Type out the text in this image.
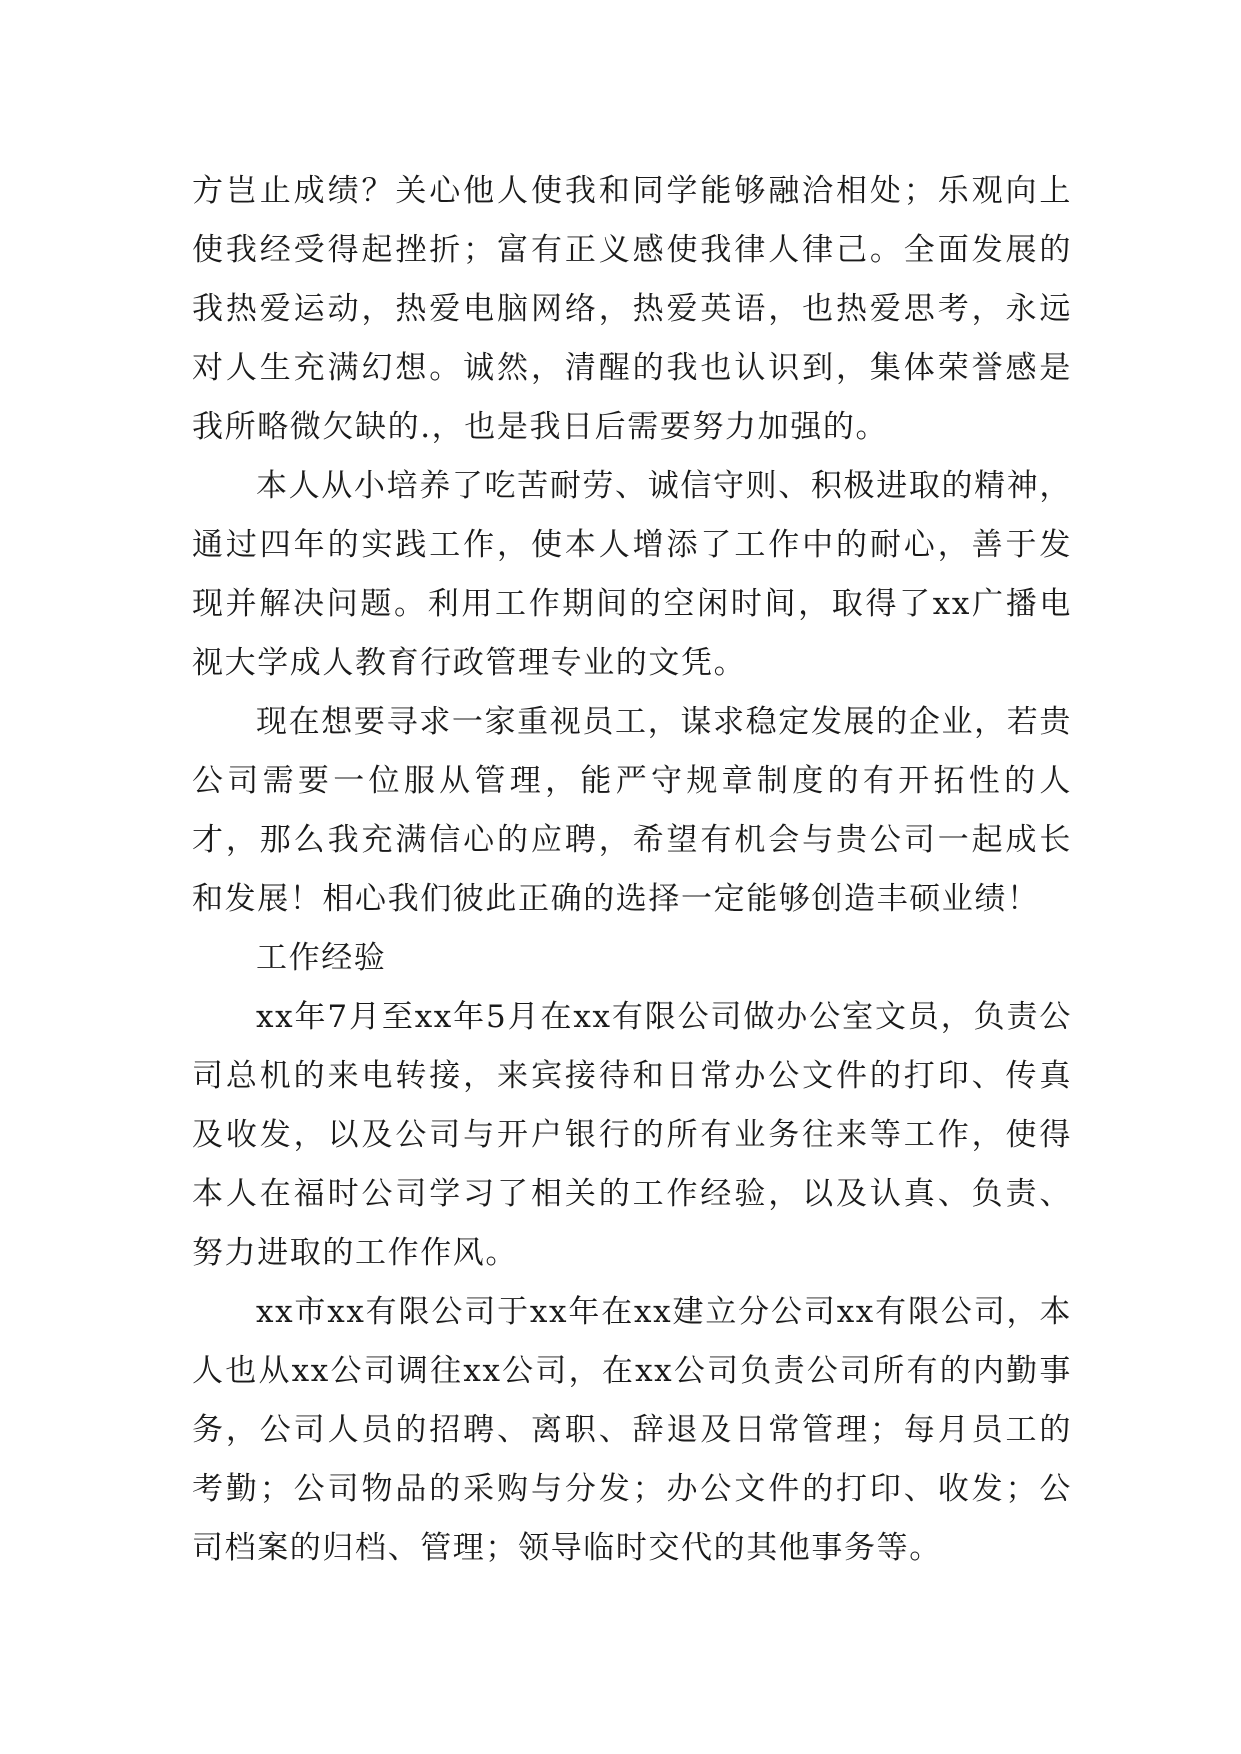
方岂止成绩？关心他人使我和同学能够融洽相处；乐观向上使我经受得起挫折；富有正义感使我律人律己。全面发展的我热爱运动，热爱电脑网络，热爱英语，也热爱思考，永远对人生充满幻想。诚然，清醒的我也认识到，集体荣誉感是我所略微欠缺的.，也是我日后需要努力加强的。

本人从小培养了吃苦耐劳、诚信守则、积极进取的精神，通过四年的实践工作，使本人增添了工作中的耐心，善于发现并解决问题。利用工作期间的空闲时间，取得了xx广播电视大学成人教育行政管理专业的文凭。

现在想要寻求一家重视员工，谋求稳定发展的企业，若贵公司需要一位服从管理，能严守规章制度的有开拓性的人才，那么我充满信心的应聘，希望有机会与贵公司一起成长和发展！相心我们彼此正确的选择一定能够创造丰硕业绩！

工作经验

xx年7月至xx年5月在xx有限公司做办公室文员，负责公司总机的来电转接，来宾接待和日常办公文件的打印、传真及收发，以及公司与开户银行的所有业务往来等工作，使得本人在福时公司学习了相关的工作经验，以及认真、负责、努力进取的工作作风。

xx市xx有限公司于xx年在xx建立分公司xx有限公司，本人也从xx公司调往xx公司，在xx公司负责公司所有的内勤事务，公司人员的招聘、离职、辞退及日常管理；每月员工的考勤；公司物品的采购与分发；办公文件的打印、收发；公司档案的归档、管理；领导临时交代的其他事务等。
